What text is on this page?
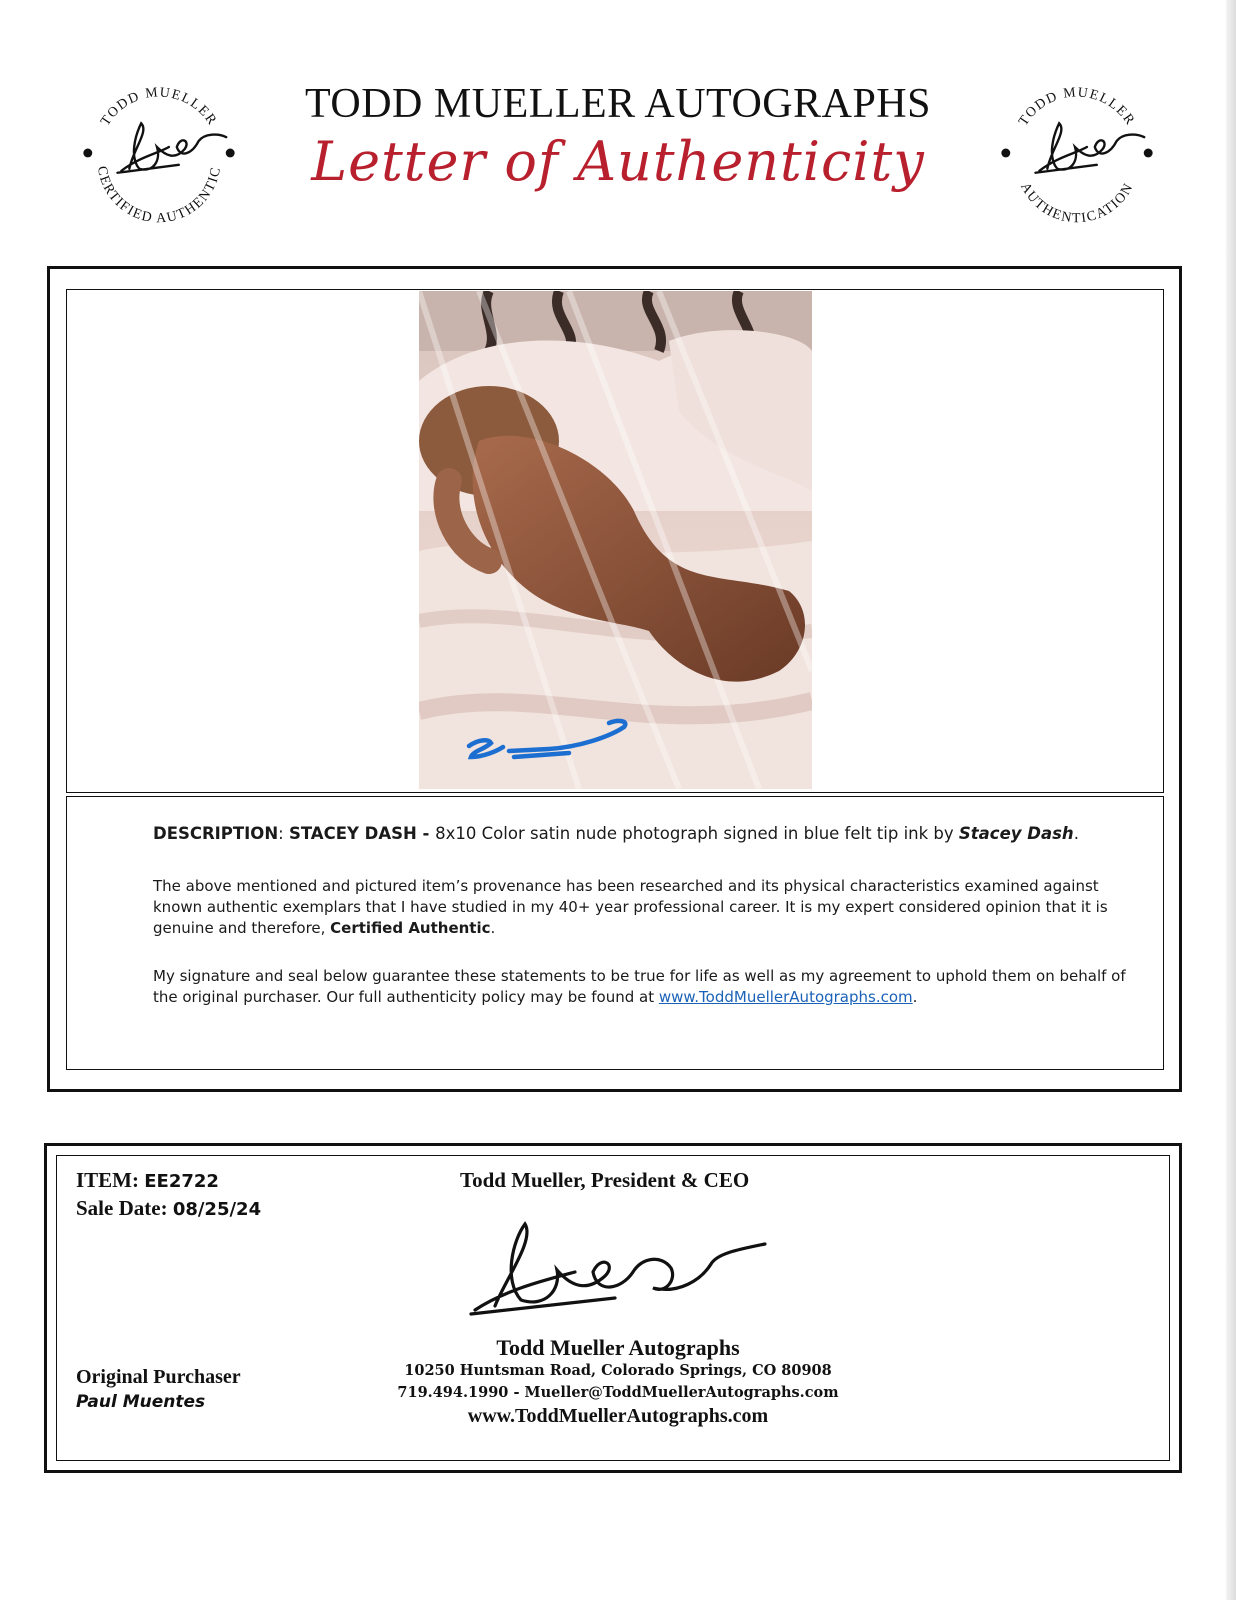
TODD MUELLER
CERTIFIED AUTHENTIC
TODD MUELLER AUTOGRAPHS
Letter of Authenticity
TODD MUELLER
AUTHENTICATION
DESCRIPTION: STACEY DASH - 8x10 Color satin nude photograph signed in blue felt tip ink by Stacey Dash.
The above mentioned and pictured item’s provenance has been researched and its physical characteristics examined against known authentic exemplars that I have studied in my 40+ year professional career. It is my expert considered opinion that it is genuine and therefore, Certified Authentic.
My signature and seal below guarantee these statements to be true for life as well as my agreement to uphold them on behalf of the original purchaser. Our full authenticity policy may be found at www.ToddMuellerAutographs.com.
ITEM: EE2722
Sale Date: 08/25/24
Todd Mueller, President & CEO
Original Purchaser
Paul Muentes
Todd Mueller Autographs
10250 Huntsman Road, Colorado Springs, CO 80908
719.494.1990 - Mueller@ToddMuellerAutographs.com
www.ToddMuellerAutographs.com
